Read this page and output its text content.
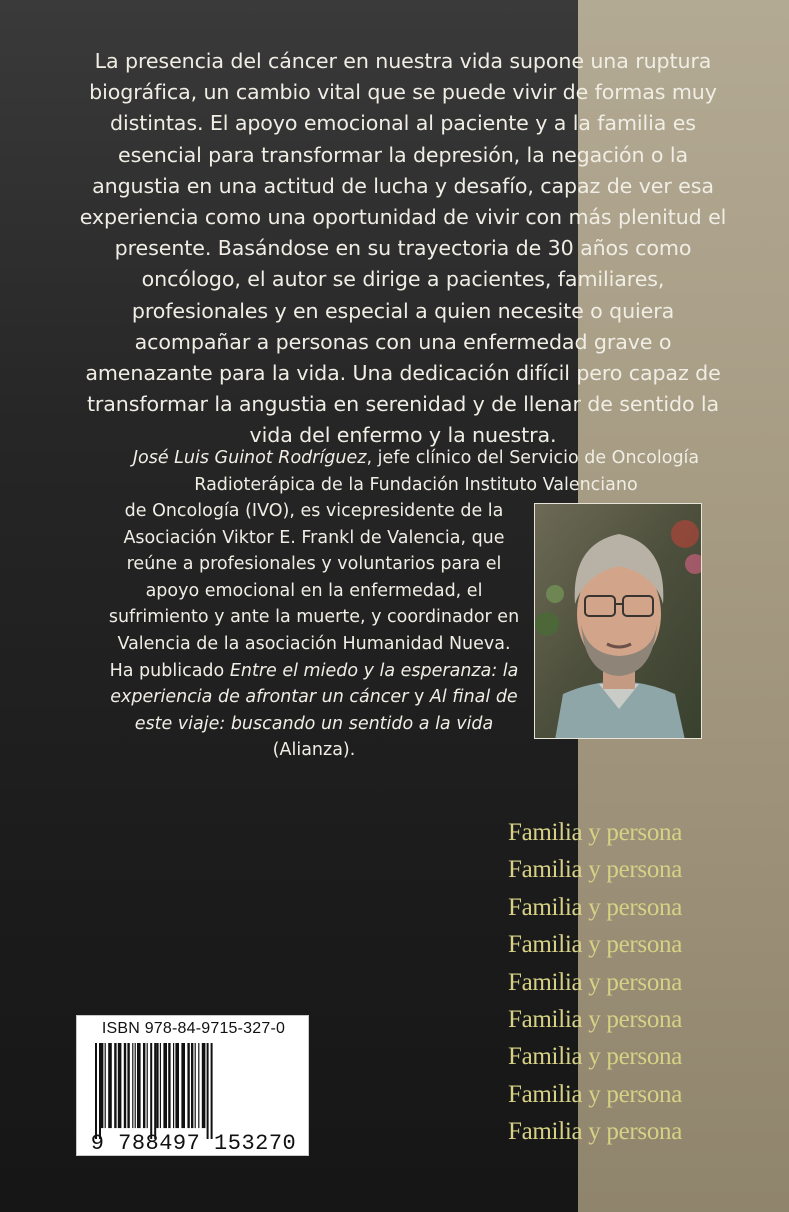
La presencia del cáncer en nuestra vida supone una ruptura biográfica, un cambio vital que se puede vivir de formas muy distintas. El apoyo emocional al paciente y a la familia es esencial para transformar la depresión, la negación o la angustia en una actitud de lucha y desafío, capaz de ver esa experiencia como una oportunidad de vivir con más plenitud el presente. Basándose en su trayectoria de 30 años como oncólogo, el autor se dirige a pacientes, familiares, profesionales y en especial a quien necesite o quiera acompañar a personas con una enfermedad grave o amenazante para la vida. Una dedicación difícil pero capaz de transformar la angustia en serenidad y de llenar de sentido la vida del enfermo y la nuestra.

José Luis Guinot Rodríguez, jefe clínico del Servicio de Oncología Radioterápica de la Fundación Instituto Valenciano

de Oncología (IVO), es vicepresidente de la Asociación Viktor E. Frankl de Valencia, que reúne a profesionales y voluntarios para el apoyo emocional en la enfermedad, el sufrimiento y ante la muerte, y coordinador en Valencia de la asociación Humanidad Nueva. Ha publicado Entre el miedo y la esperanza: la experiencia de afrontar un cáncer y Al final de este viaje: buscando un sentido a la vida (Alianza).

Familia y persona
Familia y persona
Familia y persona
Familia y persona
Familia y persona
Familia y persona
Familia y persona
Familia y persona
Familia y persona
ISBN 978-84-9715-327-0
9 788497 153270
